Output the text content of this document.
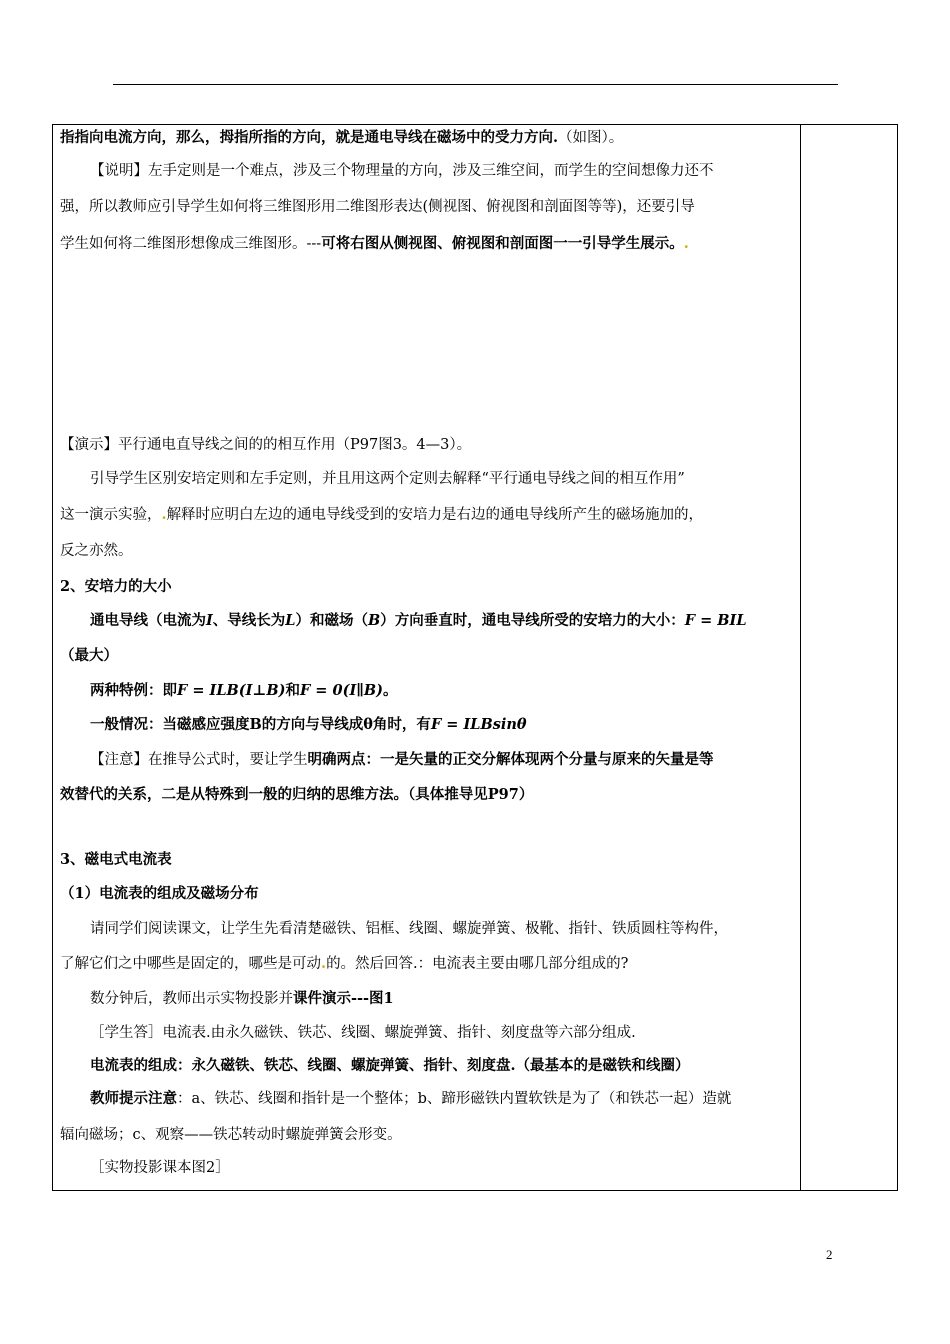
指指向电流方向，那么，拇指所指的方向，就是通电导线在磁场中的受力方向.（如图）。
【说明】左手定则是一个难点，涉及三个物理量的方向，涉及三维空间，而学生的空间想像力还不
强，所以教师应引导学生如何将三维图形用二维图形表达(侧视图、俯视图和剖面图等等)，还要引导
学生如何将二维图形想像成三维图形。---可将右图从侧视图、俯视图和剖面图一一引导学生展示。.
【演示】平行通电直导线之间的的相互作用（P97图3。4—3）。
引导学生区别安培定则和左手定则，并且用这两个定则去解释“平行通电导线之间的相互作用”
这一演示实验，.解释时应明白左边的通电导线受到的安培力是右边的通电导线所产生的磁场施加的，
反之亦然。
2、安培力的大小
通电导线（电流为I、导线长为L）和磁场（B）方向垂直时，通电导线所受的安培力的大小：F = BIL
（最大）
两种特例：即F = ILB(I⊥B)和F = 0(I∥B)。
一般情况：当磁感应强度B的方向与导线成θ角时，有F = ILBsinθ
【注意】在推导公式时，要让学生明确两点：一是矢量的正交分解体现两个分量与原来的矢量是等
效替代的关系，二是从特殊到一般的归纳的思维方法。（具体推导见P97）
3、磁电式电流表
（1）电流表的组成及磁场分布
请同学们阅读课文，让学生先看清楚磁铁、铝框、线圈、螺旋弹簧、极靴、指针、铁质圆柱等构件，
了解它们之中哪些是固定的，哪些是可动.的。然后回答.：电流表主要由哪几部分组成的?
数分钟后，教师出示实物投影并课件演示---图1
［学生答］电流表.由永久磁铁、铁芯、线圈、螺旋弹簧、指针、刻度盘等六部分组成.
电流表的组成：永久磁铁、铁芯、线圈、螺旋弹簧、指针、刻度盘.（最基本的是磁铁和线圈）
教师提示注意：a、铁芯、线圈和指针是一个整体；b、蹄形磁铁内置软铁是为了（和铁芯一起）造就
辐向磁场；c、观察——铁芯转动时螺旋弹簧会形变。
［实物投影课本图2］
2
